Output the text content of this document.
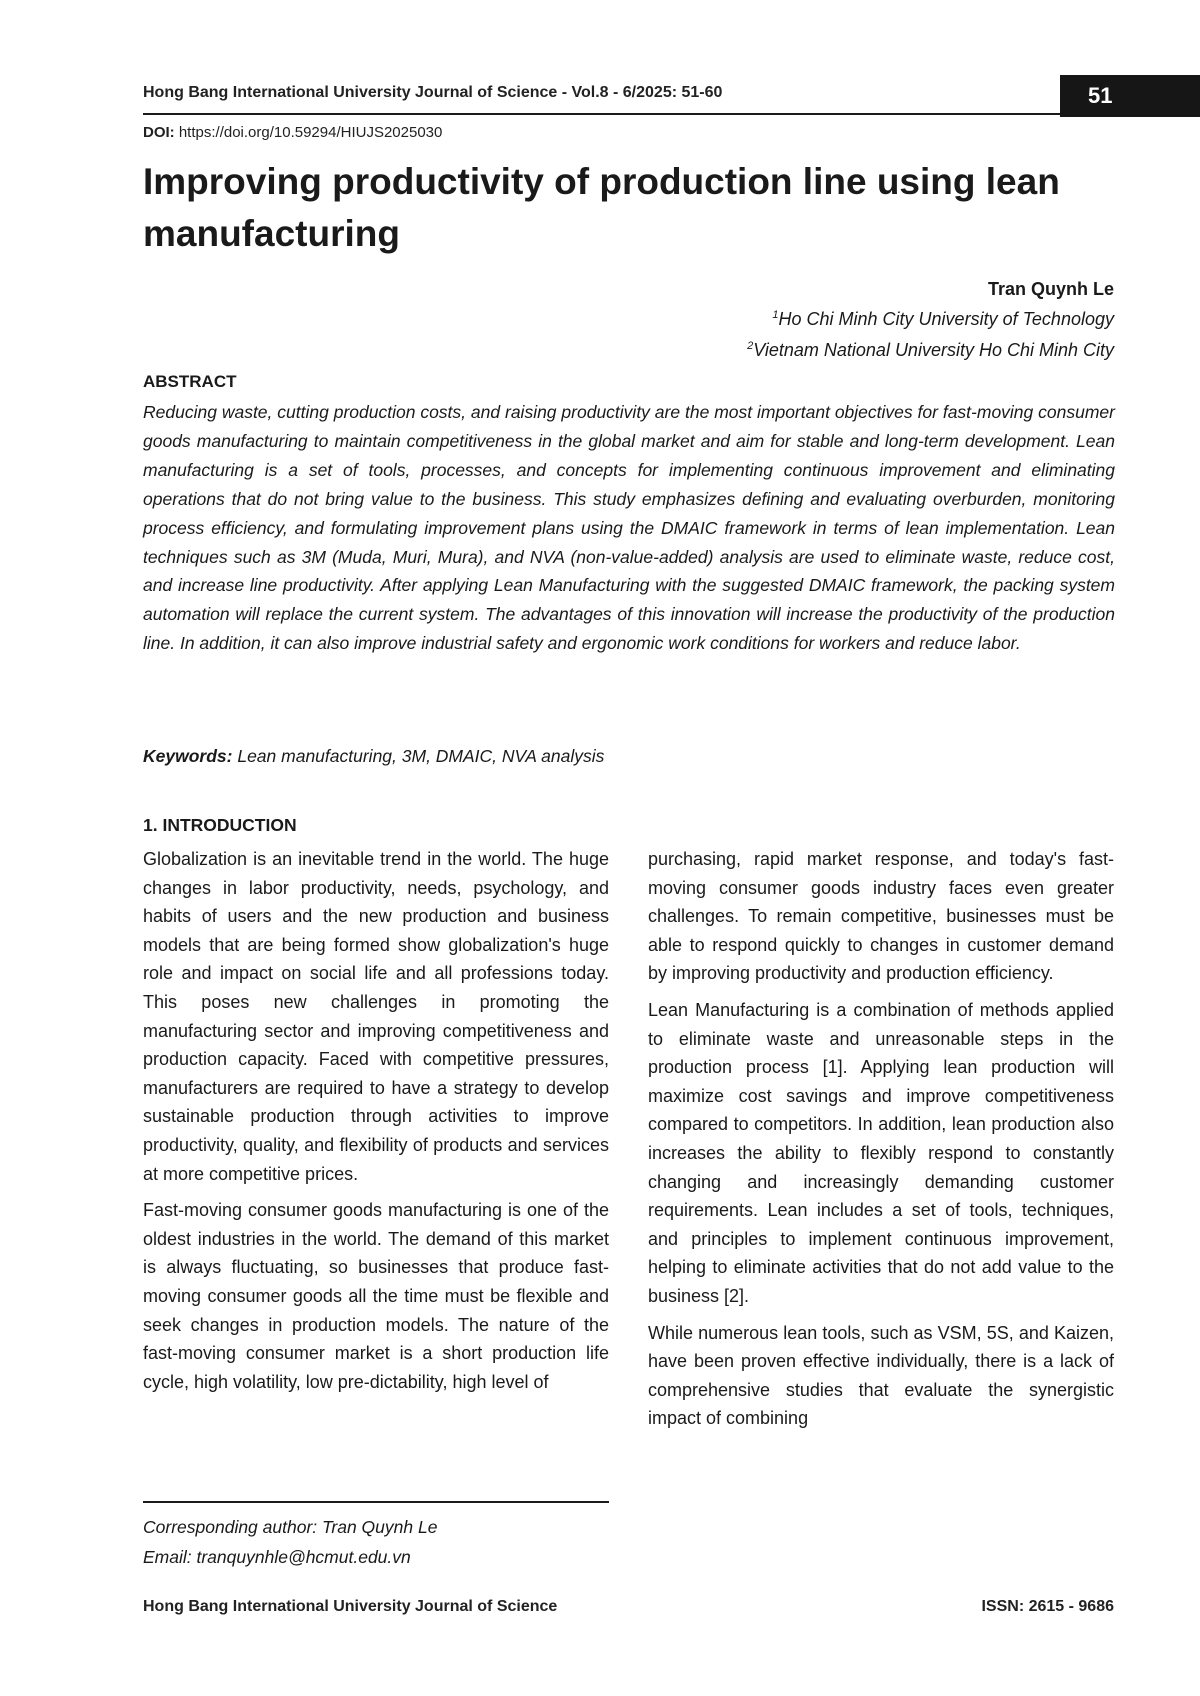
Hong Bang International University Journal of Science - Vol.8 - 6/2025: 51-60	51
DOI: https://doi.org/10.59294/HIUJS2025030
Improving productivity of production line using lean manufacturing
Tran Quynh Le
$^1$Ho Chi Minh City University of Technology
$^2$Vietnam National University Ho Chi Minh City
ABSTRACT

Reducing waste, cutting production costs, and raising productivity are the most important objectives for fast-moving consumer goods manufacturing to maintain competitiveness in the global market and aim for stable and long-term development. Lean manufacturing is a set of tools, processes, and concepts for implementing continuous improvement and eliminating operations that do not bring value to the business. This study emphasizes defining and evaluating overburden, monitoring process efficiency, and formulating improvement plans using the DMAIC framework in terms of lean implementation. Lean techniques such as 3M (Muda, Muri, Mura), and NVA (non-value-added) analysis are used to eliminate waste, reduce cost, and increase line productivity. After applying Lean Manufacturing with the suggested DMAIC framework, the packing system automation will replace the current system. The advantages of this innovation will increase the productivity of the production line. In addition, it can also improve industrial safety and ergonomic work conditions for workers and reduce labor.

Keywords: Lean manufacturing, 3M, DMAIC, NVA analysis
1. INTRODUCTION

Globalization is an inevitable trend in the world. The huge changes in labor productivity, needs, psychology, and habits of users and the new production and business models that are being formed show globalization's huge role and impact on social life and all professions today. This poses new challenges in promoting the manufacturing sector and improving competitiveness and production capacity. Faced with competitive pressures, manufacturers are required to have a strategy to develop sustainable production through activities to improve productivity, quality, and flexibility of products and services at more competitive prices.

Fast-moving consumer goods manufacturing is one of the oldest industries in the world. The demand of this market is always fluctuating, so businesses that produce fast-moving consumer goods all the time must be flexible and seek changes in production models. The nature of the fast-moving consumer market is a short production life cycle, high volatility, low pre-dictability, high level of

purchasing, rapid market response, and today's fast-moving consumer goods industry faces even greater challenges. To remain competitive, businesses must be able to respond quickly to changes in customer demand by improving productivity and production efficiency.

Lean Manufacturing is a combination of methods applied to eliminate waste and unreasonable steps in the production process [1]. Applying lean production will maximize cost savings and improve competitiveness compared to competitors. In addition, lean production also increases the ability to flexibly respond to constantly changing and increasingly demanding customer requirements. Lean includes a set of tools, techniques, and principles to implement continuous improvement, helping to eliminate activities that do not add value to the business [2].

While numerous lean tools, such as VSM, 5S, and Kaizen, have been proven effective individually, there is a lack of comprehensive studies that evaluate the synergistic impact of combining

Corresponding author: Tran Quynh Le
Email: tranquynhle@hcmut.edu.vn
Hong Bang International University Journal of Science	ISSN: 2615 - 9686
